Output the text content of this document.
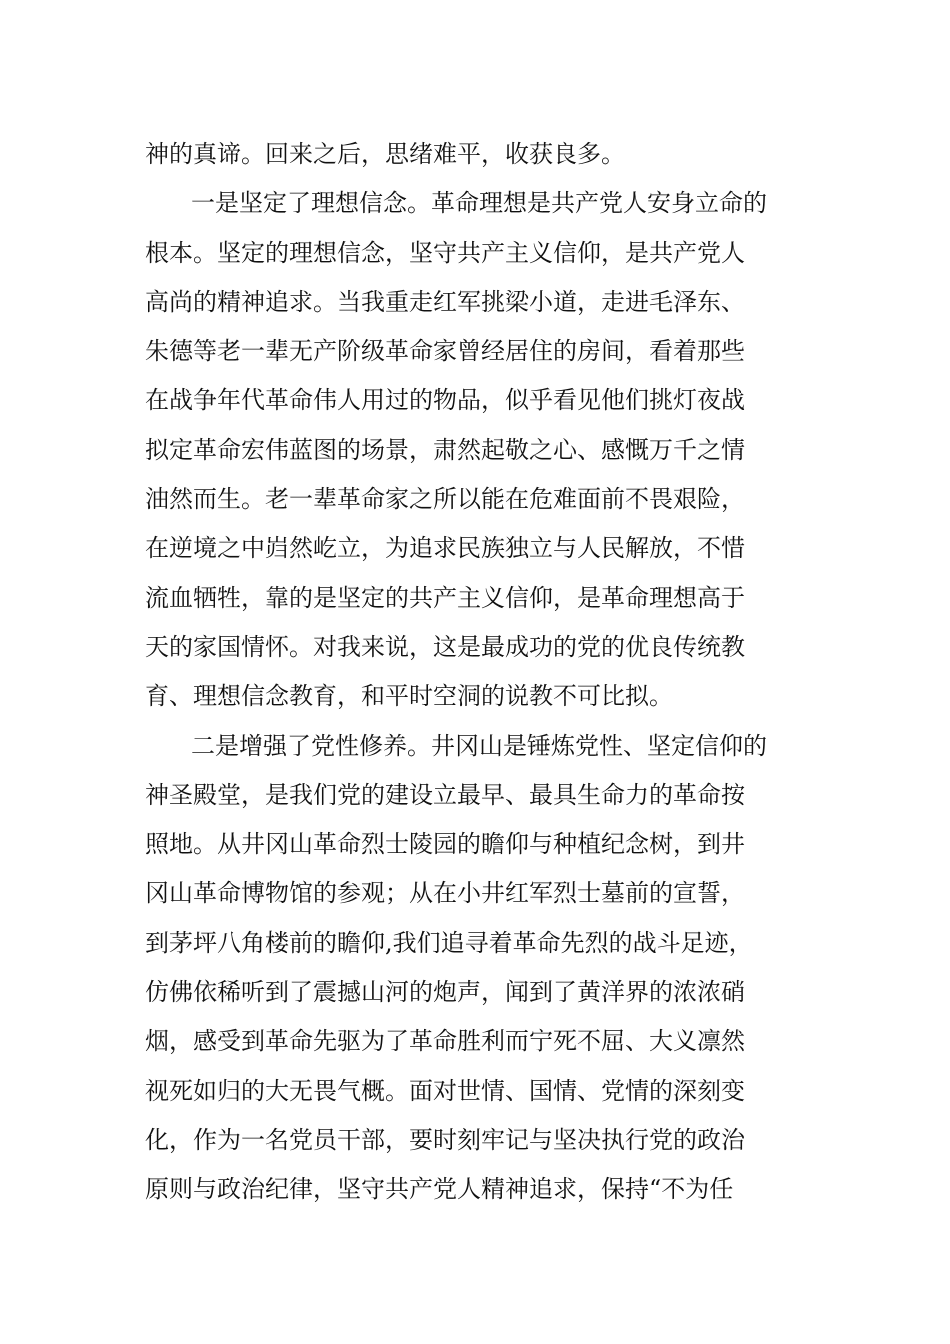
神的真谛。回来之后，思绪难平，收获良多。
一是坚定了理想信念。革命理想是共产党人安身立命的
根本。坚定的理想信念，坚守共产主义信仰，是共产党人
高尚的精神追求。当我重走红军挑梁小道，走进毛泽东、
朱德等老一辈无产阶级革命家曾经居住的房间，看着那些
在战争年代革命伟人用过的物品，似乎看见他们挑灯夜战
拟定革命宏伟蓝图的场景，肃然起敬之心、感慨万千之情
油然而生。老一辈革命家之所以能在危难面前不畏艰险，
在逆境之中岿然屹立，为追求民族独立与人民解放，不惜
流血牺牲，靠的是坚定的共产主义信仰，是革命理想高于
天的家国情怀。对我来说，这是最成功的党的优良传统教
育、理想信念教育，和平时空洞的说教不可比拟。
二是增强了党性修养。井冈山是锤炼党性、坚定信仰的
神圣殿堂，是我们党的建设立最早、最具生命力的革命按
照地。从井冈山革命烈士陵园的瞻仰与种植纪念树，到井
冈山革命博物馆的参观；从在小井红军烈士墓前的宣誓，
到茅坪八角楼前的瞻仰,我们追寻着革命先烈的战斗足迹，
仿佛依稀听到了震撼山河的炮声，闻到了黄洋界的浓浓硝
烟，感受到革命先驱为了革命胜利而宁死不屈、大义凛然
视死如归的大无畏气概。面对世情、国情、党情的深刻变
化，作为一名党员干部，要时刻牢记与坚决执行党的政治
原则与政治纪律，坚守共产党人精神追求，保持“不为任
